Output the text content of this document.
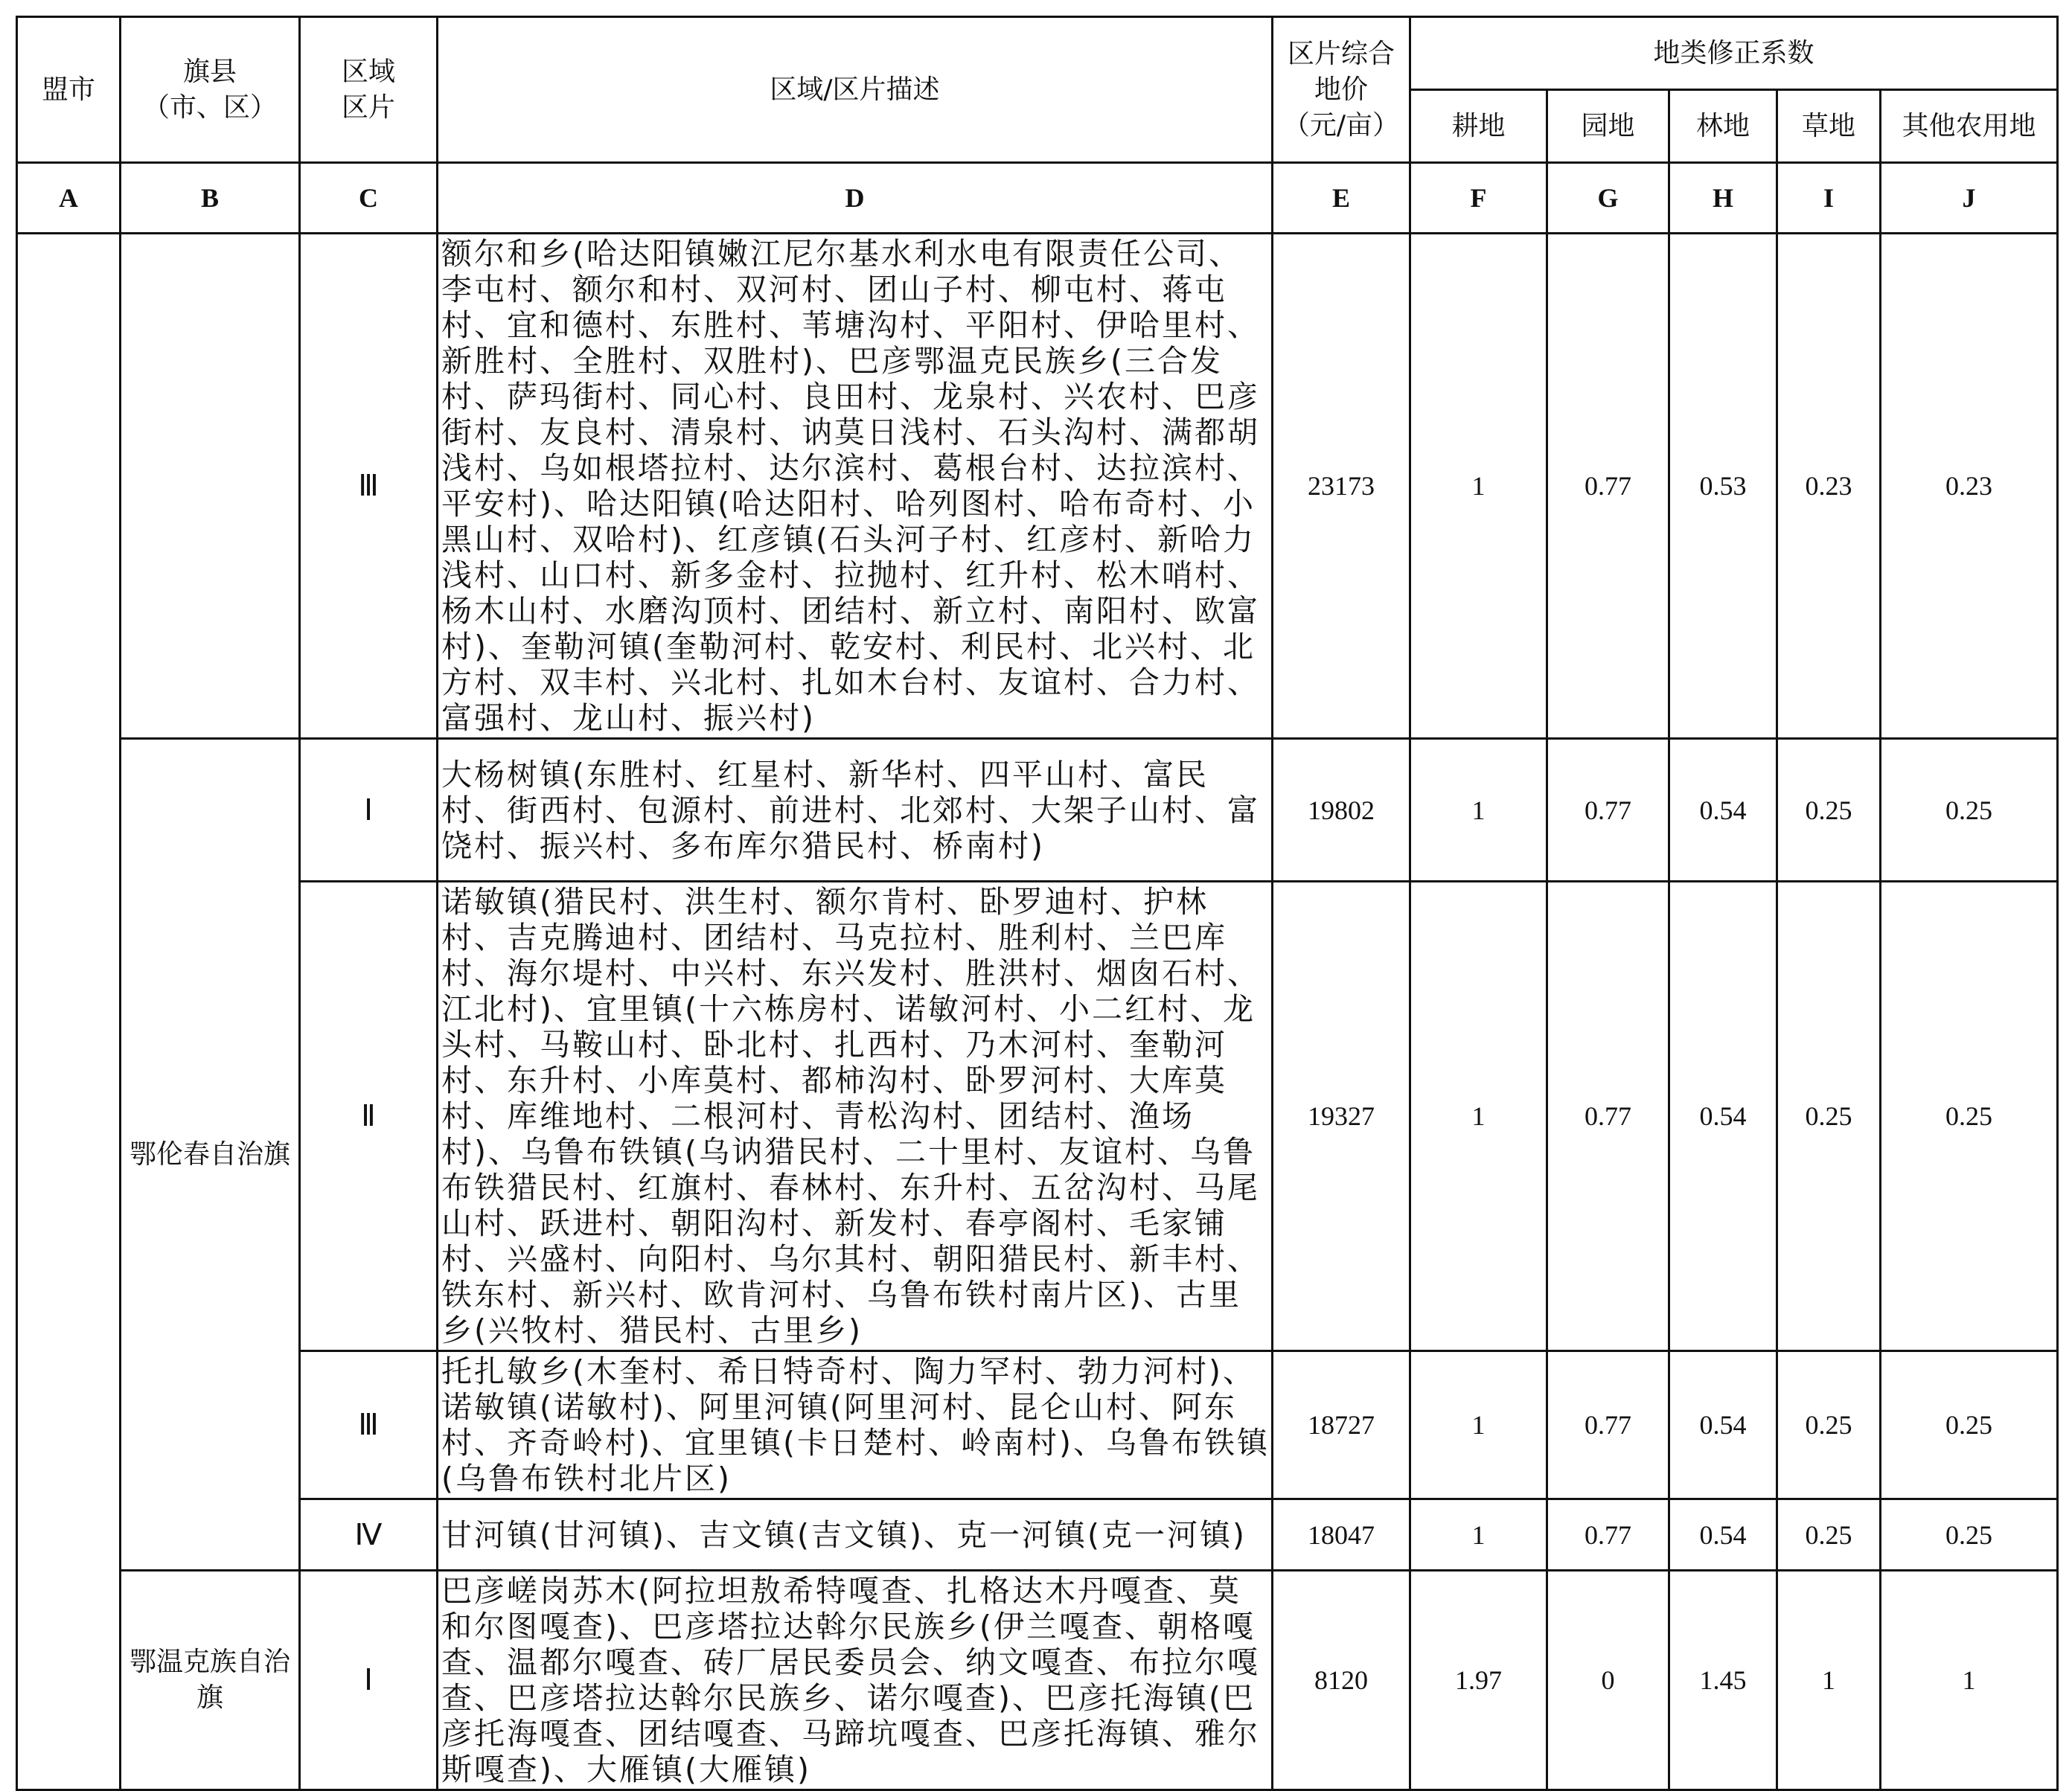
盟市	旗县
（市、区）	区域
区片	区域/区片描述	区片综合
地价
（元/亩）	地类修正系数				
					耕地	园地	林地	草地	其他农用地
A	B	C	D	E	F	G	H	I	J
		Ⅲ	额尔和乡(哈达阳镇嫩江尼尔基水利水电有限责任公司、李屯村、额尔和村、双河村、团山子村、柳屯村、蒋屯村、宜和德村、东胜村、苇塘沟村、平阳村、伊哈里村、新胜村、全胜村、双胜村)、巴彦鄂温克民族乡(三合发村、萨玛街村、同心村、良田村、龙泉村、兴农村、巴彦街村、友良村、清泉村、讷莫日浅村、石头沟村、满都胡浅村、乌如根塔拉村、达尔滨村、葛根台村、达拉滨村、平安村)、哈达阳镇(哈达阳村、哈列图村、哈布奇村、小黑山村、双哈村)、红彦镇(石头河子村、红彦村、新哈力浅村、山口村、新多金村、拉抛村、红升村、松木哨村、杨木山村、水磨沟顶村、团结村、新立村、南阳村、欧富村)、奎勒河镇(奎勒河村、乾安村、利民村、北兴村、北方村、双丰村、兴北村、扎如木台村、友谊村、合力村、富强村、龙山村、振兴村)	23173	1	0.77	0.53	0.23	0.23
	鄂伦春自治旗	Ⅰ	大杨树镇(东胜村、红星村、新华村、四平山村、富民村、街西村、包源村、前进村、北郊村、大架子山村、富饶村、振兴村、多布库尔猎民村、桥南村)	19802	1	0.77	0.54	0.25	0.25
		Ⅱ	诺敏镇(猎民村、洪生村、额尔肯村、卧罗迪村、护林村、吉克腾迪村、团结村、马克拉村、胜利村、兰巴库村、海尔堤村、中兴村、东兴发村、胜洪村、烟囱石村、江北村)、宜里镇(十六栋房村、诺敏河村、小二红村、龙头村、马鞍山村、卧北村、扎西村、乃木河村、奎勒河村、东升村、小库莫村、都柿沟村、卧罗河村、大库莫村、库维地村、二根河村、青松沟村、团结村、渔场村)、乌鲁布铁镇(乌讷猎民村、二十里村、友谊村、乌鲁布铁猎民村、红旗村、春林村、东升村、五岔沟村、马尾山村、跃进村、朝阳沟村、新发村、春亭阁村、毛家铺村、兴盛村、向阳村、乌尔其村、朝阳猎民村、新丰村、铁东村、新兴村、欧肯河村、乌鲁布铁村南片区)、古里乡(兴牧村、猎民村、古里乡)	19327	1	0.77	0.54	0.25	0.25
		Ⅲ	托扎敏乡(木奎村、希日特奇村、陶力罕村、勃力河村)、诺敏镇(诺敏村)、阿里河镇(阿里河村、昆仑山村、阿东村、齐奇岭村)、宜里镇(卡日楚村、岭南村)、乌鲁布铁镇(乌鲁布铁村北片区)	18727	1	0.77	0.54	0.25	0.25
		Ⅳ	甘河镇(甘河镇)、吉文镇(吉文镇)、克一河镇(克一河镇)	18047	1	0.77	0.54	0.25	0.25
	鄂温克族自治旗	Ⅰ	巴彦嵯岗苏木(阿拉坦敖希特嘎查、扎格达木丹嘎查、莫和尔图嘎查)、巴彦塔拉达斡尔民族乡(伊兰嘎查、朝格嘎查、温都尔嘎查、砖厂居民委员会、纳文嘎查、布拉尔嘎查、巴彦塔拉达斡尔民族乡、诺尔嘎查)、巴彦托海镇(巴彦托海嘎查、团结嘎查、马蹄坑嘎查、巴彦托海镇、雅尔斯嘎查)、大雁镇(大雁镇)	8120	1.97	0	1.45	1	1
